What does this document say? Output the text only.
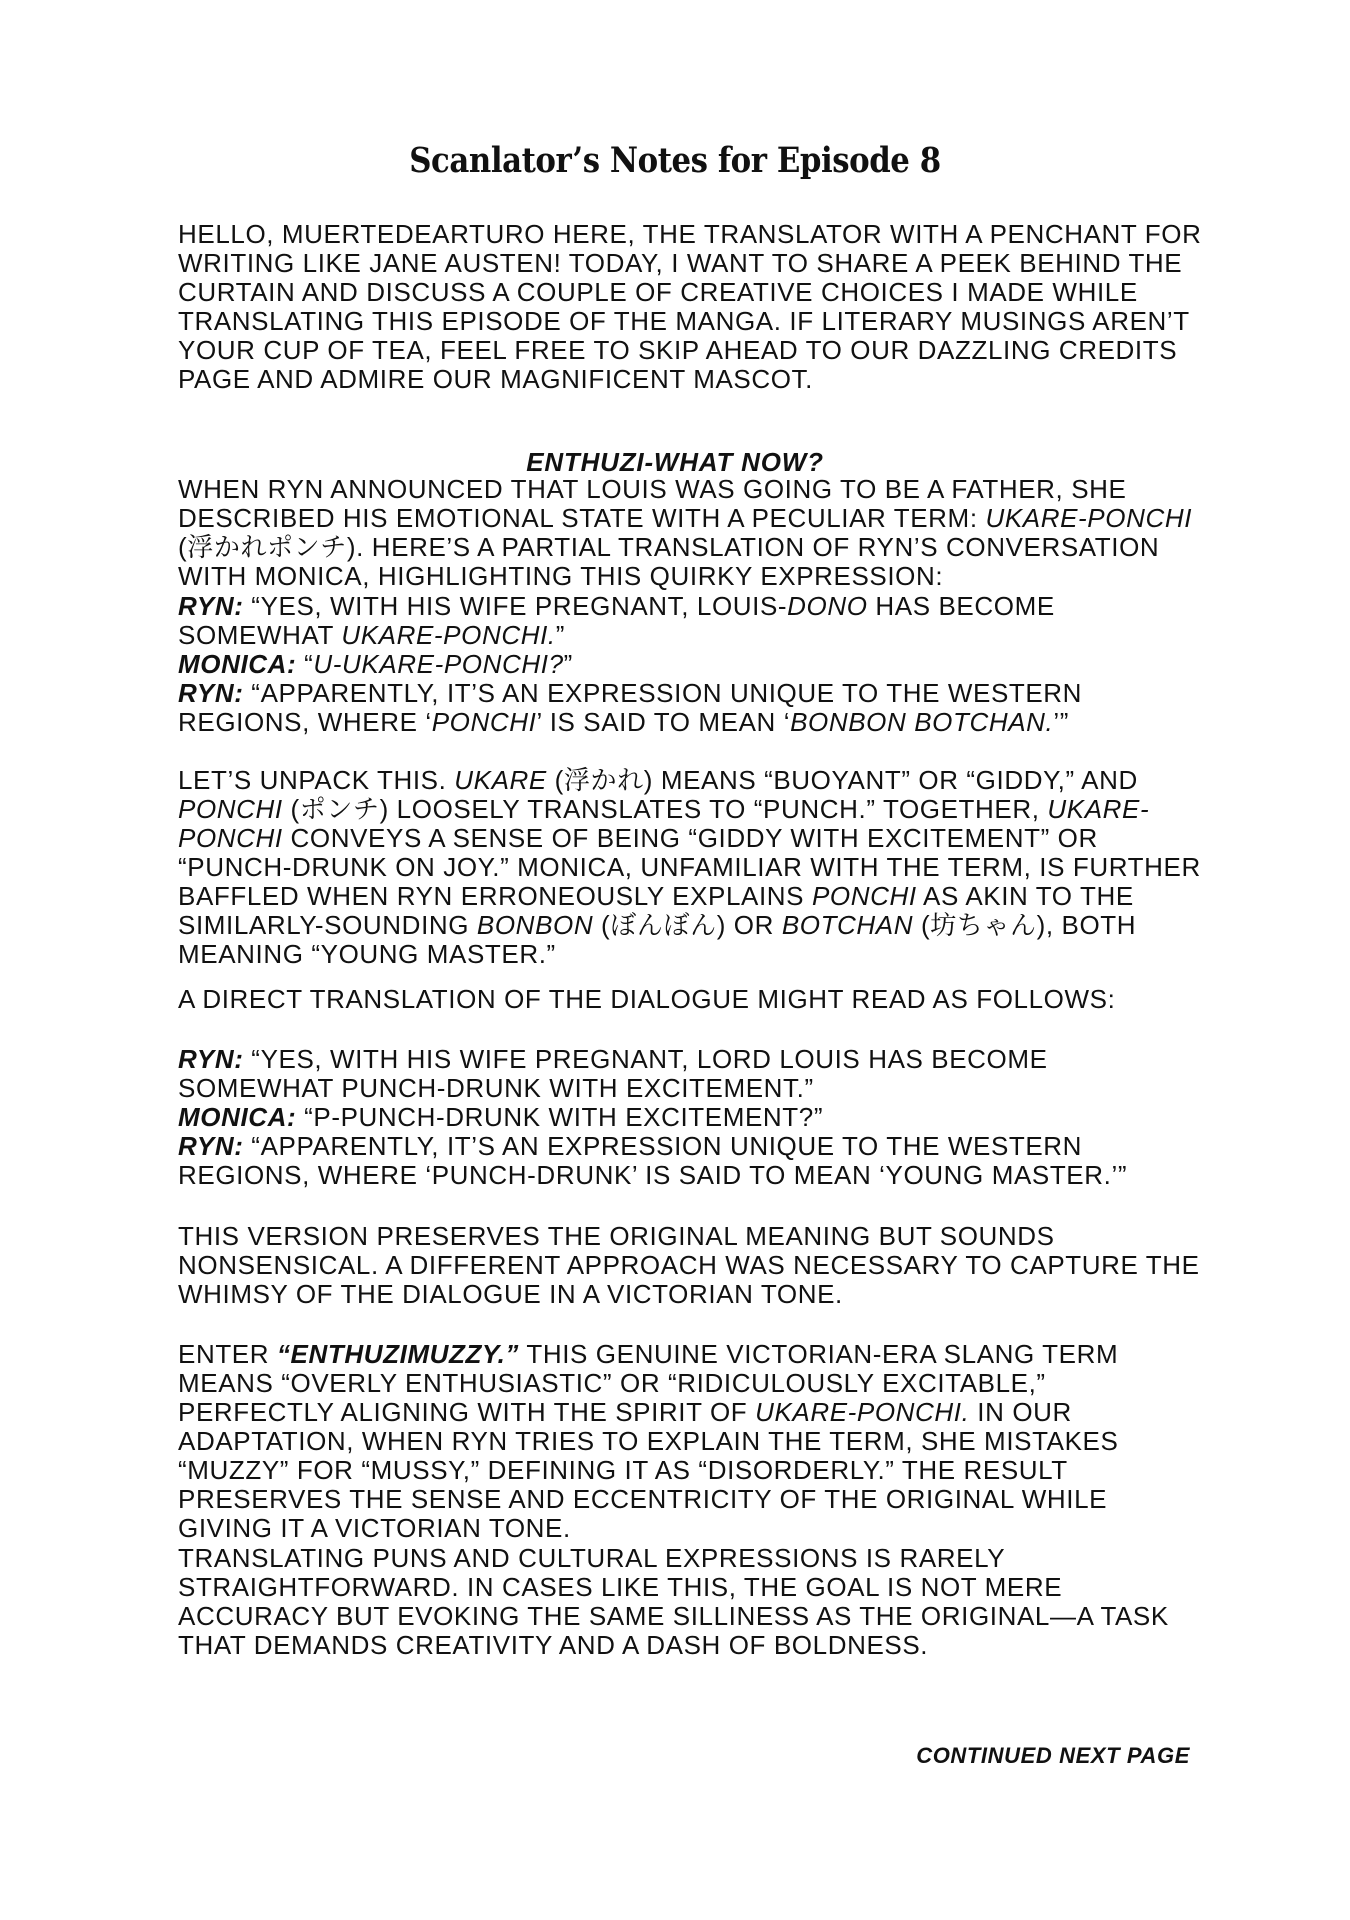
Scanlator’s Notes for Episode 8

HELLO, MUERTEDEARTURO HERE, THE TRANSLATOR WITH A PENCHANT FOR WRITING LIKE JANE AUSTEN! TODAY, I WANT TO SHARE A PEEK BEHIND THE CURTAIN AND DISCUSS A COUPLE OF CREATIVE CHOICES I MADE WHILE TRANSLATING THIS EPISODE OF THE MANGA. IF LITERARY MUSINGS AREN’T YOUR CUP OF TEA, FEEL FREE TO SKIP AHEAD TO OUR DAZZLING CREDITS PAGE AND ADMIRE OUR MAGNIFICENT MASCOT.

ENTHUZI-WHAT NOW?

WHEN RYN ANNOUNCED THAT LOUIS WAS GOING TO BE A FATHER, SHE DESCRIBED HIS EMOTIONAL STATE WITH A PECULIAR TERM: UKARE-PONCHI (浮かれポンチ). HERE’S A PARTIAL TRANSLATION OF RYN’S CONVERSATION WITH MONICA, HIGHLIGHTING THIS QUIRKY EXPRESSION:

RYN: “YES, WITH HIS WIFE PREGNANT, LOUIS-DONO HAS BECOME SOMEWHAT UKARE-PONCHI.”

MONICA: “U-UKARE-PONCHI?”

RYN: “APPARENTLY, IT’S AN EXPRESSION UNIQUE TO THE WESTERN REGIONS, WHERE ‘PONCHI’ IS SAID TO MEAN ‘BONBON BOTCHAN.’”

LET’S UNPACK THIS. UKARE (浮かれ) MEANS “BUOYANT” OR “GIDDY,” AND PONCHI (ポンチ) LOOSELY TRANSLATES TO “PUNCH.” TOGETHER, UKARE-PONCHI CONVEYS A SENSE OF BEING “GIDDY WITH EXCITEMENT” OR “PUNCH-DRUNK ON JOY.” MONICA, UNFAMILIAR WITH THE TERM, IS FURTHER BAFFLED WHEN RYN ERRONEOUSLY EXPLAINS PONCHI AS AKIN TO THE SIMILARLY-SOUNDING BONBON (ぼんぼん) OR BOTCHAN (坊ちゃん), BOTH MEANING “YOUNG MASTER.”

A DIRECT TRANSLATION OF THE DIALOGUE MIGHT READ AS FOLLOWS:

RYN: “YES, WITH HIS WIFE PREGNANT, LORD LOUIS HAS BECOME SOMEWHAT PUNCH-DRUNK WITH EXCITEMENT.”

MONICA: “P-PUNCH-DRUNK WITH EXCITEMENT?”

RYN: “APPARENTLY, IT’S AN EXPRESSION UNIQUE TO THE WESTERN REGIONS, WHERE ‘PUNCH-DRUNK’ IS SAID TO MEAN ‘YOUNG MASTER.’”

THIS VERSION PRESERVES THE ORIGINAL MEANING BUT SOUNDS NONSENSICAL. A DIFFERENT APPROACH WAS NECESSARY TO CAPTURE THE WHIMSY OF THE DIALOGUE IN A VICTORIAN TONE.

ENTER “ENTHUZIMUZZY.” THIS GENUINE VICTORIAN-ERA SLANG TERM MEANS “OVERLY ENTHUSIASTIC” OR “RIDICULOUSLY EXCITABLE,” PERFECTLY ALIGNING WITH THE SPIRIT OF UKARE-PONCHI. IN OUR ADAPTATION, WHEN RYN TRIES TO EXPLAIN THE TERM, SHE MISTAKES “MUZZY” FOR “MUSSY,” DEFINING IT AS “DISORDERLY.” THE RESULT PRESERVES THE SENSE AND ECCENTRICITY OF THE ORIGINAL WHILE GIVING IT A VICTORIAN TONE.

TRANSLATING PUNS AND CULTURAL EXPRESSIONS IS RARELY STRAIGHTFORWARD. IN CASES LIKE THIS, THE GOAL IS NOT MERE ACCURACY BUT EVOKING THE SAME SILLINESS AS THE ORIGINAL—A TASK THAT DEMANDS CREATIVITY AND A DASH OF BOLDNESS.

CONTINUED NEXT PAGE
